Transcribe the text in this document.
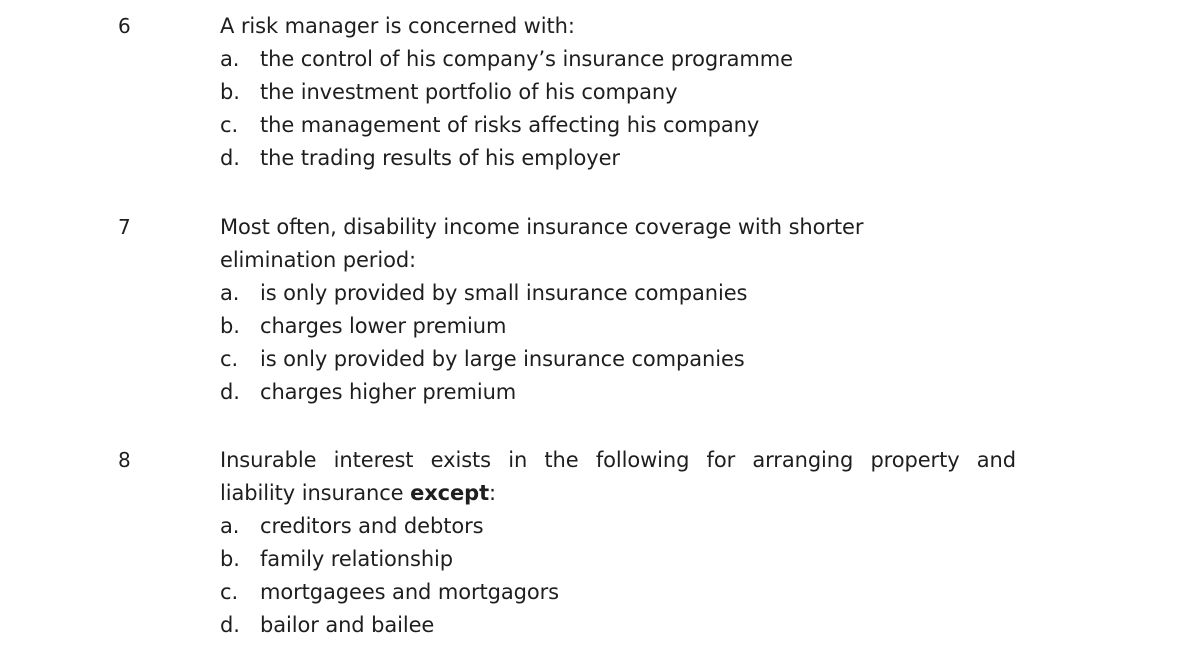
6	A risk manager is concerned with:
a. the control of his company’s insurance programme
b. the investment portfolio of his company
c. the management of risks affecting his company
d. the trading results of his employer
7	Most often, disability income insurance coverage with shorter
elimination period:
a. is only provided by small insurance companies
b. charges lower premium
c. is only provided by large insurance companies
d. charges higher premium
8	Insurable interest exists in the following for arranging property and
liability insurance except:
a. creditors and debtors
b. family relationship
c. mortgagees and mortgagors
d. bailor and bailee
